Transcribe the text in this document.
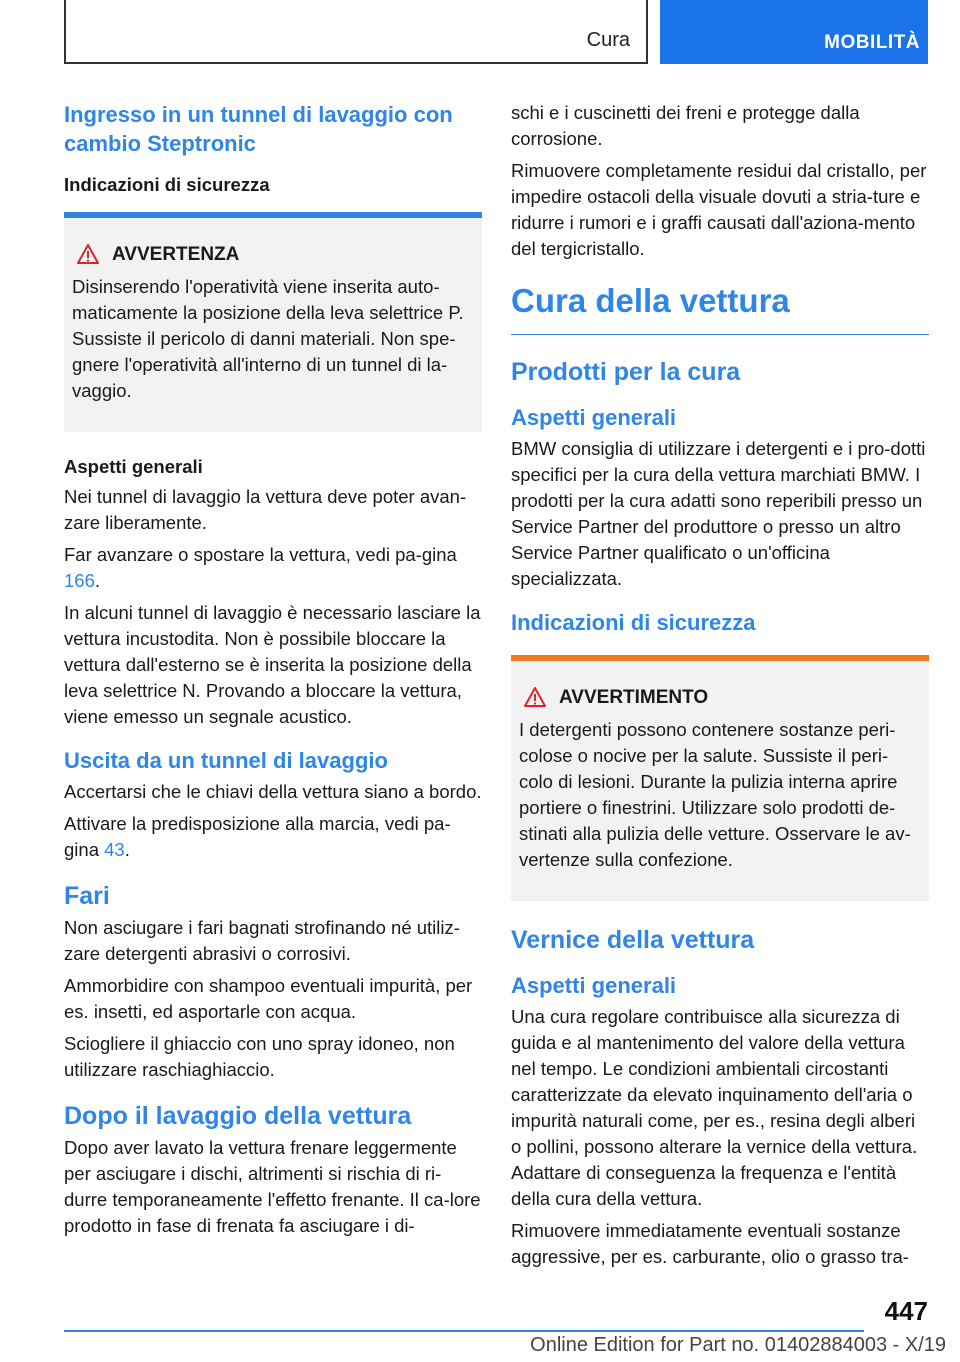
Cura	MOBILITÀ
Ingresso in un tunnel di lavaggio con cambio Steptronic

Indicazioni di sicurezza

AVVERTENZA

Disinserendo l'operatività viene inserita auto-maticamente la posizione della leva selettrice P. Sussiste il pericolo di danni materiali. Non spe-gnere l'operatività all'interno di un tunnel di la-vaggio.

Aspetti generali

Nei tunnel di lavaggio la vettura deve poter avan-zare liberamente.

Far avanzare o spostare la vettura, vedi pa-gina 166.

In alcuni tunnel di lavaggio è necessario lasciare la vettura incustodita. Non è possibile bloccare la vettura dall'esterno se è inserita la posizione della leva selettrice N. Provando a bloccare la vettura, viene emesso un segnale acustico.

Uscita da un tunnel di lavaggio

Accertarsi che le chiavi della vettura siano a bordo.

Attivare la predisposizione alla marcia, vedi pa-gina 43.

Fari

Non asciugare i fari bagnati strofinando né utiliz-zare detergenti abrasivi o corrosivi.

Ammorbidire con shampoo eventuali impurità, per es. insetti, ed asportarle con acqua.

Sciogliere il ghiaccio con uno spray idoneo, non utilizzare raschiaghiaccio.

Dopo il lavaggio della vettura

Dopo aver lavato la vettura frenare leggermente per asciugare i dischi, altrimenti si rischia di ri-durre temporaneamente l'effetto frenante. Il ca-lore prodotto in fase di frenata fa asciugare i di-

schi e i cuscinetti dei freni e protegge dalla corrosione.

Rimuovere completamente residui dal cristallo, per impedire ostacoli della visuale dovuti a stria-ture e ridurre i rumori e i graffi causati dall'aziona-mento del tergicristallo.

Cura della vettura
Prodotti per la cura
Aspetti generali

BMW consiglia di utilizzare i detergenti e i pro-dotti specifici per la cura della vettura marchiati BMW. I prodotti per la cura adatti sono reperibili presso un Service Partner del produttore o presso un altro Service Partner qualificato o un'officina specializzata.

Indicazioni di sicurezza
AVVERTIMENTO

I detergenti possono contenere sostanze peri-colose o nocive per la salute. Sussiste il peri-colo di lesioni. Durante la pulizia interna aprire portiere o finestrini. Utilizzare solo prodotti de-stinati alla pulizia delle vetture. Osservare le av-vertenze sulla confezione.

Vernice della vettura
Aspetti generali

Una cura regolare contribuisce alla sicurezza di guida e al mantenimento del valore della vettura nel tempo. Le condizioni ambientali circostanti caratterizzate da elevato inquinamento dell'aria o impurità naturali come, per es., resina degli alberi o pollini, possono alterare la vernice della vettura. Adattare di conseguenza la frequenza e l'entità della cura della vettura.

Rimuovere immediatamente eventuali sostanze aggressive, per es. carburante, olio o grasso tra-

447
Online Edition for Part no. 01402884003 - X/19
